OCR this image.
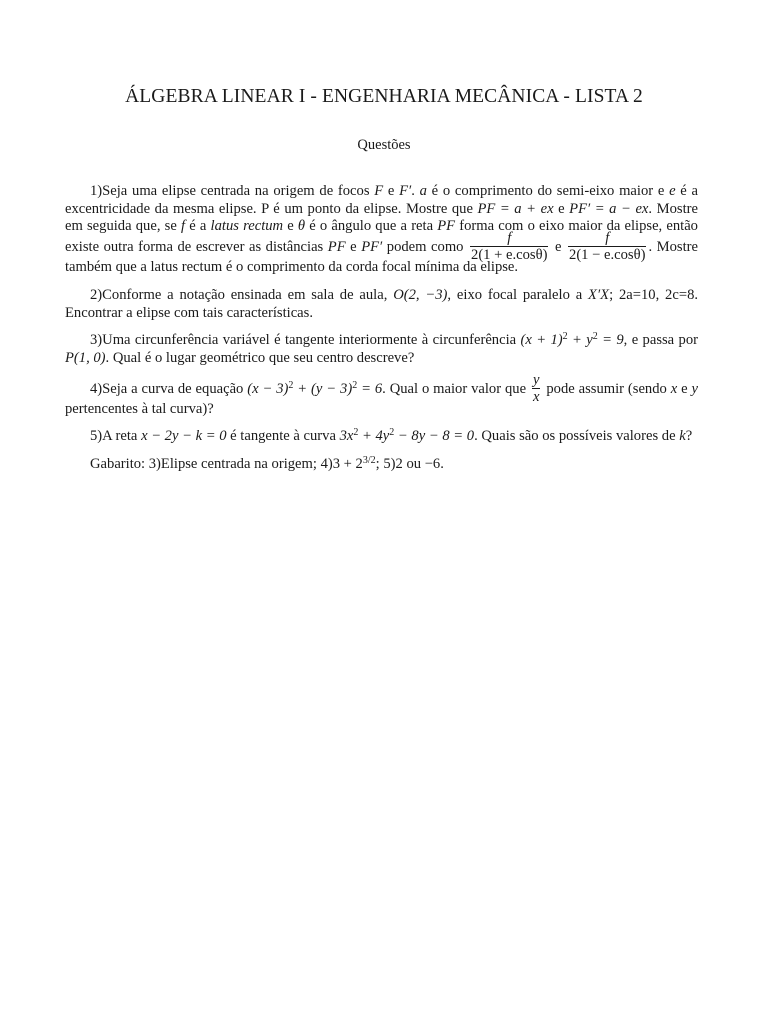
ÁLGEBRA LINEAR I - ENGENHARIA MECÂNICA - LISTA 2
Questões

1)Seja uma elipse centrada na origem de focos F e F′. a é o comprimento do semi-eixo maior e e é a excentricidade da mesma elipse. P é um ponto da elipse. Mostre que PF = a + ex e PF′ = a − ex. Mostre em seguida que, se f é a latus rectum e θ é o ângulo que a reta PF forma com o eixo maior da elipse, então existe outra forma de escrever as distâncias PF e PF′ podem como $\frac{f}{2(1 + e.\cos\theta)}$ e $\frac{f}{2(1 - e.\cos\theta)}$ . Mostre também que a latus rectum é o comprimento da corda focal mínima da elipse.

2)Conforme a notação ensinada em sala de aula, O(2, −3), eixo focal paralelo a X′X; 2a=10, 2c=8. Encontrar a elipse com tais características.

3)Uma circunferência variável é tangente interiormente à circunferência $(x + 1)^2 + y^2 = 9$, e passa por P(1, 0). Qual é o lugar geométrico que seu centro descreve?

4)Seja a curva de equação $(x - 3)^2 + (y - 3)^2 = 6$. Qual o maior valor que $\frac{y}{x}$ pode assumir (sendo x e y pertencentes à tal curva)?

5)A reta x − 2y − k = 0 é tangente à curva $3x^2 + 4y^2 - 8y - 8 = 0$. Quais são os possíveis valores de k?

Gabarito: 3)Elipse centrada na origem; $4)3 + 2^{3/2}$; 5)2 ou −6.
